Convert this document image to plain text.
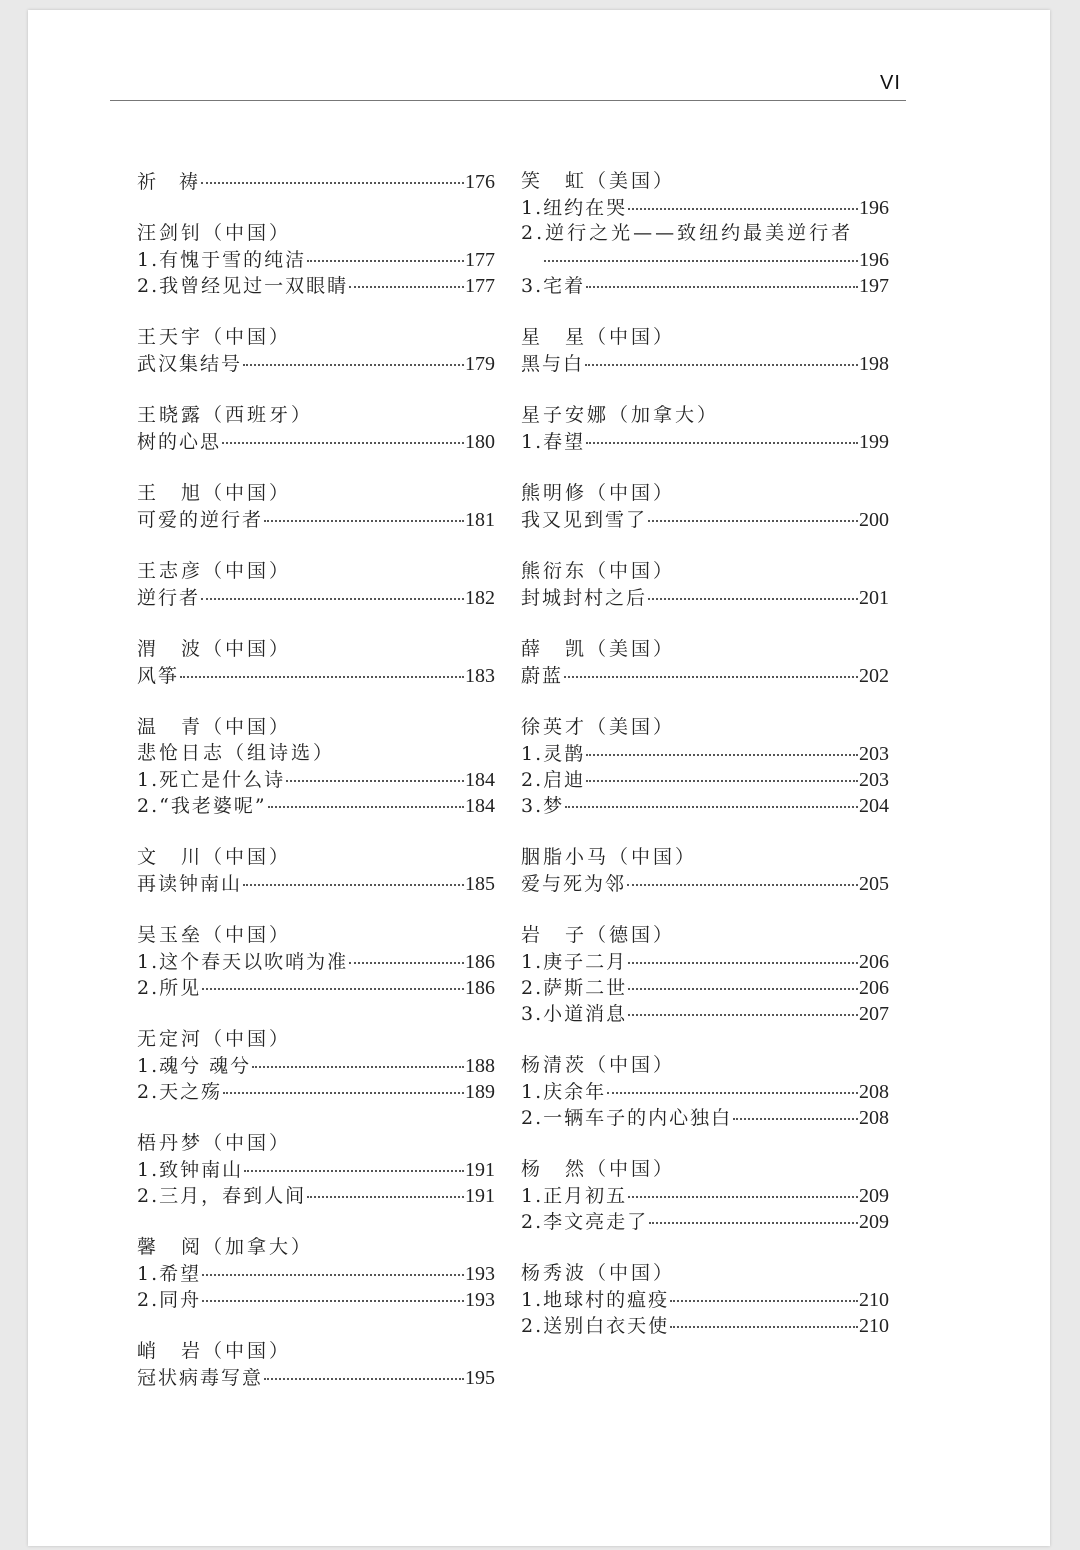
VI
祈　祷	176
汪剑钊（中国）
1.有愧于雪的纯洁	177
2.我曾经见过一双眼睛	177
王天宇（中国）
武汉集结号	179
王晓露（西班牙）
树的心思	180
王　旭（中国）
可爱的逆行者	181
王志彦（中国）
逆行者	182
渭　波（中国）
风筝	183
温　青（中国）
悲怆日志（组诗选）
1.死亡是什么诗	184
2.“我老婆呢”	184
文　川（中国）
再读钟南山	185
吴玉垒（中国）
1.这个春天以吹哨为准	186
2.所见	186
无定河（中国）
1.魂兮 魂兮	188
2.天之殇	189
梧丹梦（中国）
1.致钟南山	191
2.三月，春到人间	191
馨　阅（加拿大）
1.希望	193
2.同舟	193
峭　岩（中国）
冠状病毒写意	195
笑　虹（美国）
1.纽约在哭	196
2.逆行之光——致纽约最美逆行者
196
3.宅着	197
星　星（中国）
黑与白	198
星子安娜（加拿大）
1.春望	199
熊明修（中国）
我又见到雪了	200
熊衍东（中国）
封城封村之后	201
薛　凯（美国）
蔚蓝	202
徐英才（美国）
1.灵鹊	203
2.启迪	203
3.梦	204
胭脂小马（中国）
爱与死为邻	205
岩　子（德国）
1.庚子二月	206
2.萨斯二世	206
3.小道消息	207
杨清茨（中国）
1.庆余年	208
2.一辆车子的内心独白	208
杨　然（中国）
1.正月初五	209
2.李文亮走了	209
杨秀波（中国）
1.地球村的瘟疫	210
2.送别白衣天使	210
